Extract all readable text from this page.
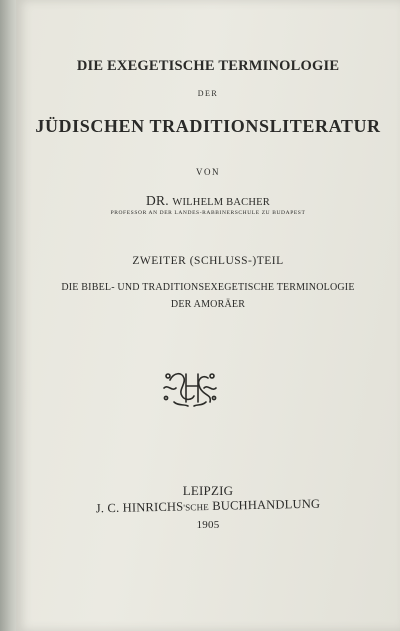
DIE EXEGETISCHE TERMINOLOGIE
DER
JÜDISCHEN TRADITIONSLITERATUR
VON
DR. WILHELM BACHER
PROFESSOR AN DER LANDES-RABBINERSCHULE ZU BUDAPEST
ZWEITER (SCHLUSS-)TEIL
DIE BIBEL- UND TRADITIONSEXEGETISCHE TERMINOLOGIE
DER AMORÄER
JCH
LEIPZIG
J. C. HINRICHS'SCHE BUCHHANDLUNG
1905
